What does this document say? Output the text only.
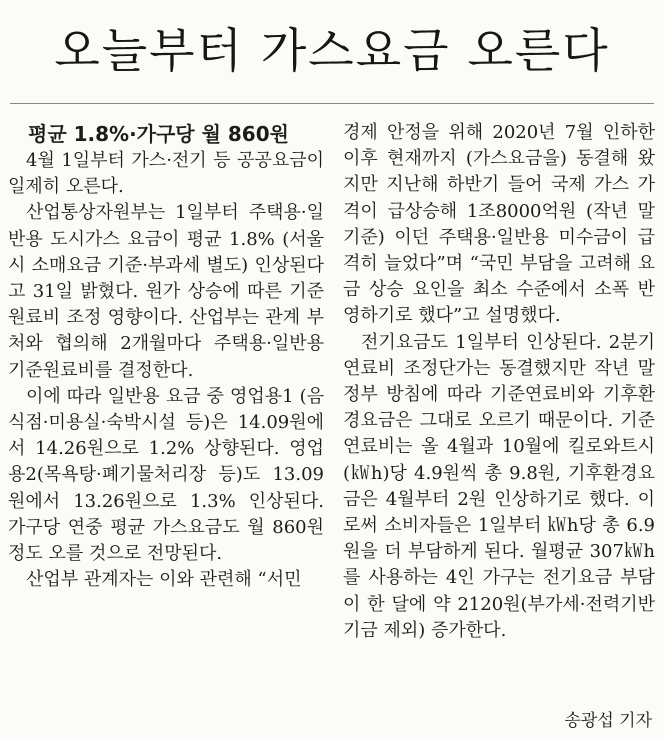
오늘부터 가스요금 오른다

평균 1.8%·가구당 월 860원

4월 1일부터 가스·전기 등 공공요금이 일제히 오른다.

산업통상자원부는 1일부터 주택용·일반용 도시가스 요금이 평균 1.8% (서울시 소매요금 기준·부과세 별도) 인상된다고 31일 밝혔다. 원가 상승에 따른 기준원료비 조정 영향이다. 산업부는 관계 부처와 협의해 2개월마다 주택용·일반용 기준원료비를 결정한다.

이에 따라 일반용 요금 중 영업용1 (음식점·미용실·숙박시설 등)은 14.09원에서 14.26원으로 1.2% 상향된다. 영업용2(목욕탕·폐기물처리장 등)도 13.09원에서 13.26원으로 1.3% 인상된다. 가구당 연중 평균 가스요금도 월 860원 정도 오를 것으로 전망된다.

산업부 관계자는 이와 관련해 “서민

경제 안정을 위해 2020년 7월 인하한 이후 현재까지 (가스요금을) 동결해 왔지만 지난해 하반기 들어 국제 가스 가격이 급상승해 1조8000억원 (작년 말 기준) 이던 주택용·일반용 미수금이 급격히 늘었다”며 “국민 부담을 고려해 요금 상승 요인을 최소 수준에서 소폭 반영하기로 했다”고 설명했다.

전기요금도 1일부터 인상된다. 2분기 연료비 조정단가는 동결했지만 작년 말 정부 방침에 따라 기준연료비와 기후환경요금은 그대로 오르기 때문이다. 기준연료비는 올 4월과 10월에 킬로와트시(㎾h)당 4.9원씩 총 9.8원, 기후환경요금은 4월부터 2원 인상하기로 했다. 이로써 소비자들은 1일부터 ㎾h당 총 6.9원을 더 부담하게 된다. 월평균 307㎾h를 사용하는 4인 가구는 전기요금 부담이 한 달에 약 2120원(부가세·전력기반기금 제외) 증가한다.

송광섭 기자
